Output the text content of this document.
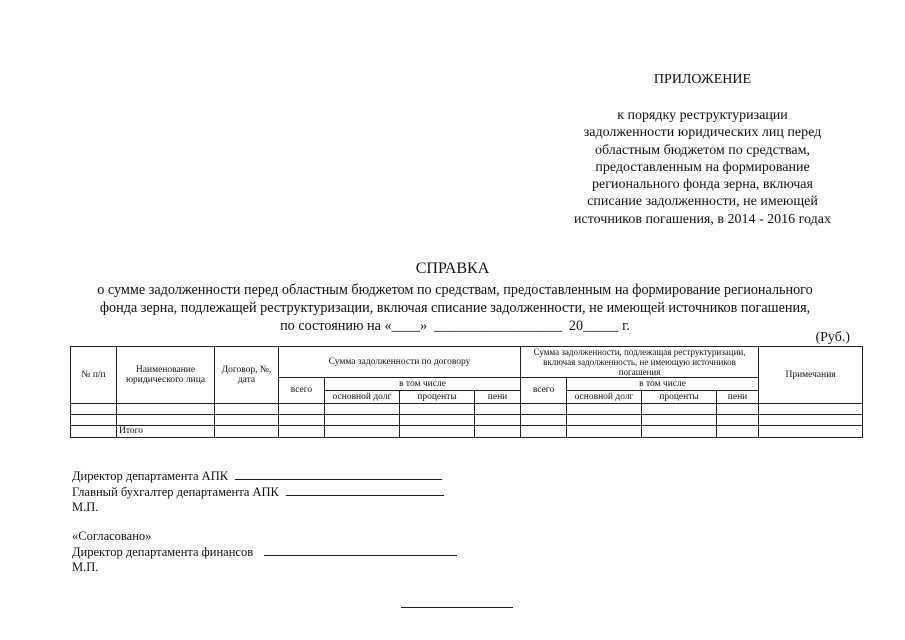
ПРИЛОЖЕНИЕ
к порядку реструктуризации
задолженности юридических лиц перед
областным бюджетом по средствам,
предоставленным на формирование
регионального фонда зерна, включая
списание задолженности, не имеющей
источников погашения, в 2014 - 2016 годах
СПРАВКА
о сумме задолженности перед областным бюджетом по средствам, предоставленным на формирование регионального
фонда зерна, подлежащей реструктуризации, включая списание задолженности, не имеющей источников погашения,
по состоянию на «____»  __________________  20_____ г.
(Руб.)
№ п/п	Наименование юридического лица	Договор, №, дата	Сумма задолженности по договору				Сумма задолженности, подлежащая реструктуризации, включая задолженность, не имеющую источников погашения				Примечания
			всего	в том числе			всего	в том числе			
				основной долг	проценты	пени		основной долг	проценты	пени	

	Итого										
Директор департамента АПК
Главный бухгалтер департамента АПК
М.П.
«Согласовано»
Директор департамента финансов
М.П.
